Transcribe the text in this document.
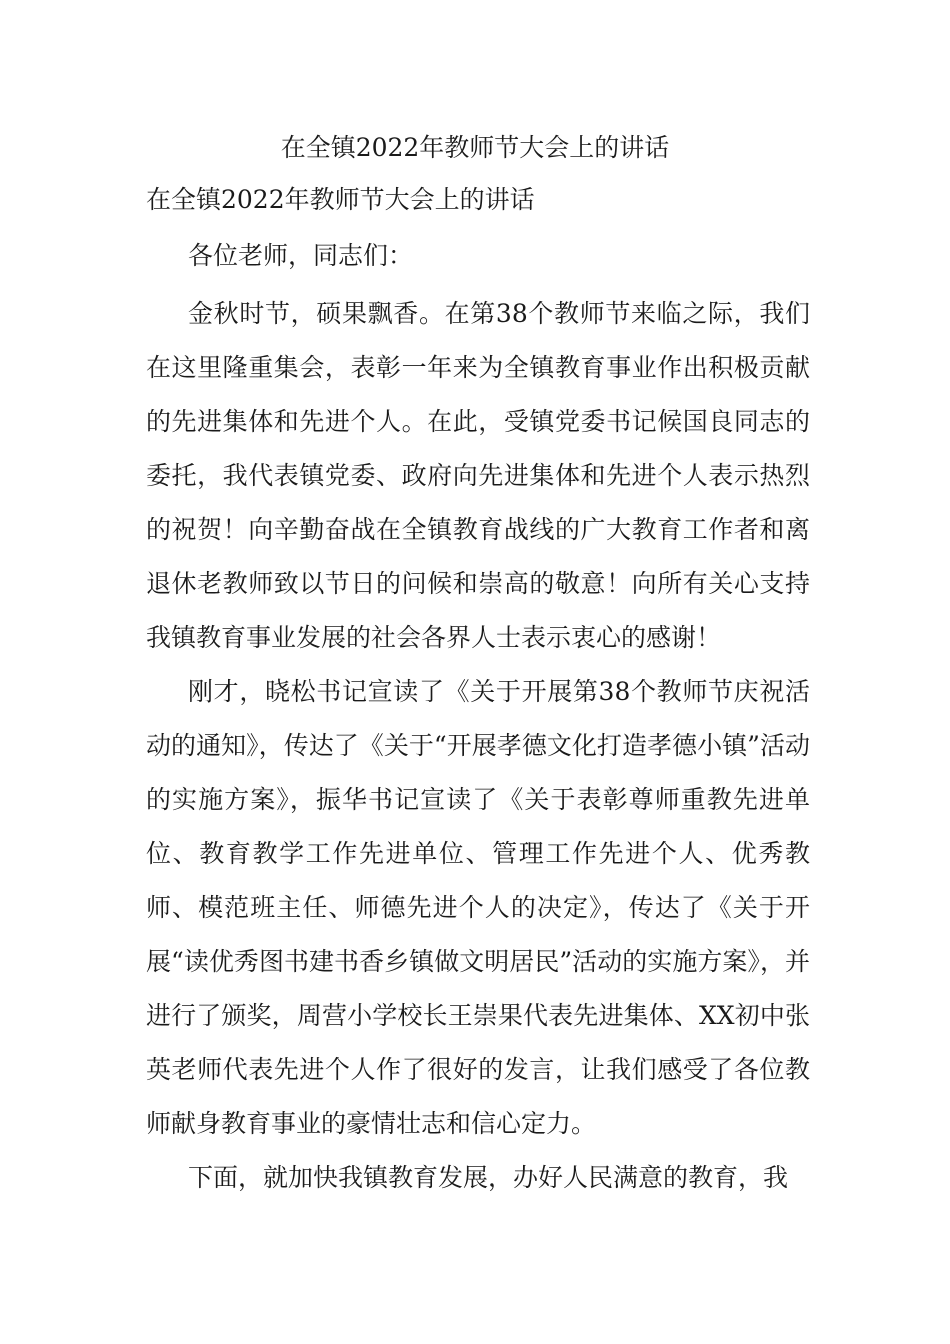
在全镇2022年教师节大会上的讲话
在全镇2022年教师节大会上的讲话

各位老师，同志们：

金秋时节，硕果飘香。在第38个教师节来临之际，我们在这里隆重集会，表彰一年来为全镇教育事业作出积极贡献的先进集体和先进个人。在此，受镇党委书记候国良同志的委托，我代表镇党委、政府向先进集体和先进个人表示热烈的祝贺！向辛勤奋战在全镇教育战线的广大教育工作者和离退休老教师致以节日的问候和崇高的敬意！向所有关心支持我镇教育事业发展的社会各界人士表示衷心的感谢！

刚才，晓松书记宣读了《关于开展第38个教师节庆祝活动的通知》，传达了《关于“开展孝德文化打造孝德小镇”活动的实施方案》，振华书记宣读了《关于表彰尊师重教先进单位、教育教学工作先进单位、管理工作先进个人、优秀教师、模范班主任、师德先进个人的决定》，传达了《关于开展“读优秀图书建书香乡镇做文明居民”活动的实施方案》，并进行了颁奖，周营小学校长王崇果代表先进集体、XX初中张英老师代表先进个人作了很好的发言，让我们感受了各位教师献身教育事业的豪情壮志和信心定力。

下面，就加快我镇教育发展，办好人民满意的教育，我
